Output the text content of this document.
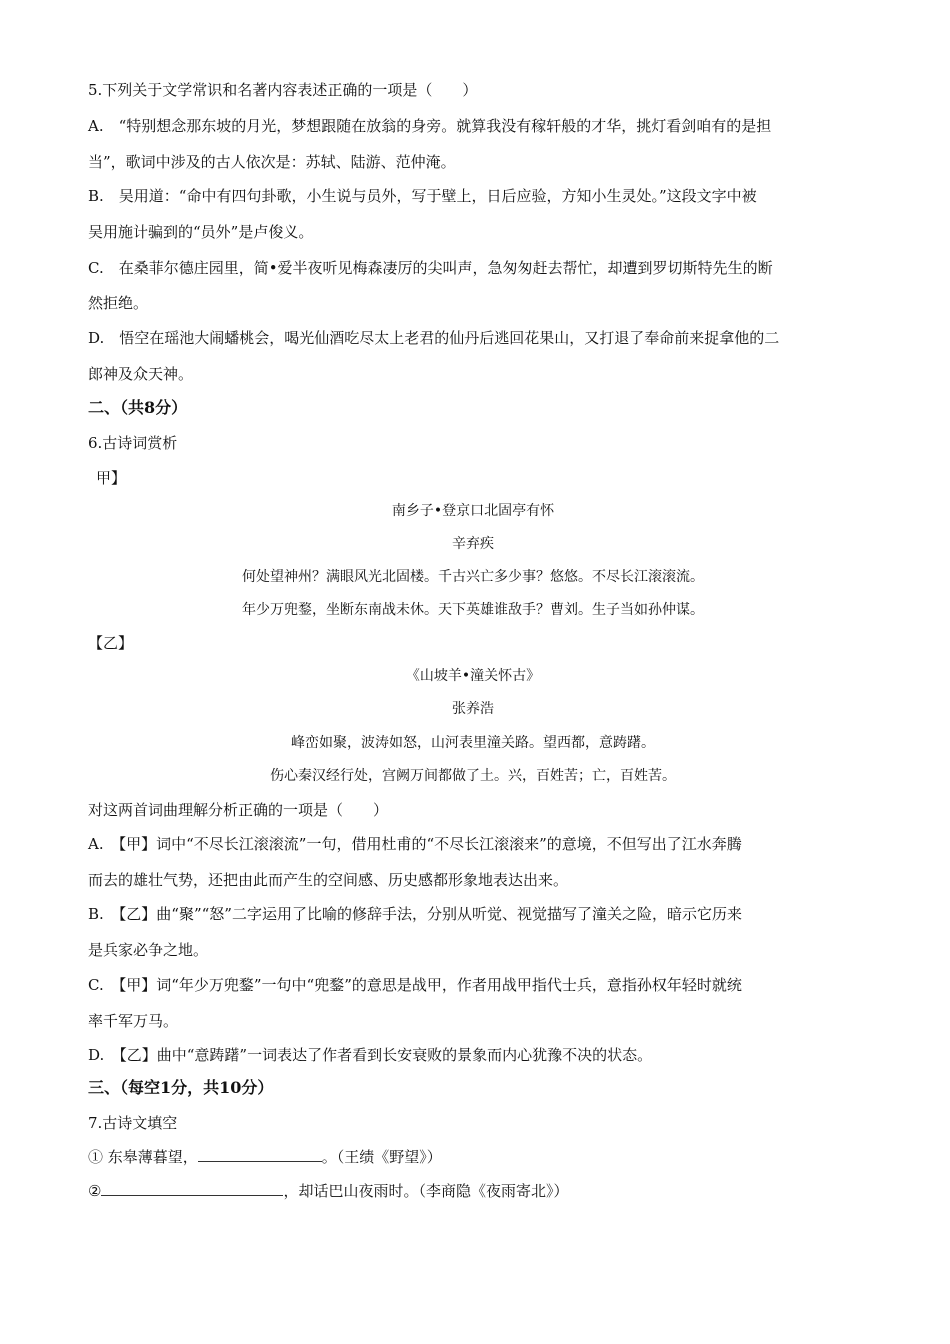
5.下列关于文学常识和名著内容表述正确的一项是（　　）
A.　“特别想念那东坡的月光，梦想跟随在放翁的身旁。就算我没有稼轩般的才华，挑灯看剑咱有的是担
当”，歌词中涉及的古人依次是：苏轼、陆游、范仲淹。
B.　吴用道：“命中有四句卦歌，小生说与员外，写于壁上，日后应验，方知小生灵处。”这段文字中被
吴用施计骗到的“员外”是卢俊义。
C.　在桑菲尔德庄园里，简•爱半夜听见梅森凄厉的尖叫声，急匆匆赶去帮忙，却遭到罗切斯特先生的断
然拒绝。
D.　悟空在瑶池大闹蟠桃会，喝光仙酒吃尽太上老君的仙丹后逃回花果山，又打退了奉命前来捉拿他的二
郎神及众天神。
二、（共8分）
6.古诗词赏析
甲】
南乡子•登京口北固亭有怀
辛弃疾
何处望神州？满眼风光北固楼。千古兴亡多少事？悠悠。不尽长江滚滚流。
年少万兜鍪，坐断东南战未休。天下英雄谁敌手？曹刘。生子当如孙仲谋。
【乙】
《山坡羊•潼关怀古》
张养浩
峰峦如聚，波涛如怒，山河表里潼关路。望西都，意踌躇。
伤心秦汉经行处，宫阙万间都做了土。兴，百姓苦；亡，百姓苦。
对这两首词曲理解分析正确的一项是（　　）
A.　【甲】词中“不尽长江滚滚流”一句，借用杜甫的“不尽长江滚滚来”的意境，不但写出了江水奔腾
而去的雄壮气势，还把由此而产生的空间感、历史感都形象地表达出来。
B.　【乙】曲“聚”“怒”二字运用了比喻的修辞手法，分别从听觉、视觉描写了潼关之险，暗示它历来
是兵家必争之地。
C.　【甲】词“年少万兜鍪”一句中“兜鍪”的意思是战甲，作者用战甲指代士兵，意指孙权年轻时就统
率千军万马。
D.　【乙】曲中“意踌躇”一词表达了作者看到长安衰败的景象而内心犹豫不决的状态。
三、（每空1分，共10分）
7.古诗文填空
① 东皋薄暮望，	。（王绩《野望》）
②	，却话巴山夜雨时。（李商隐《夜雨寄北》）
